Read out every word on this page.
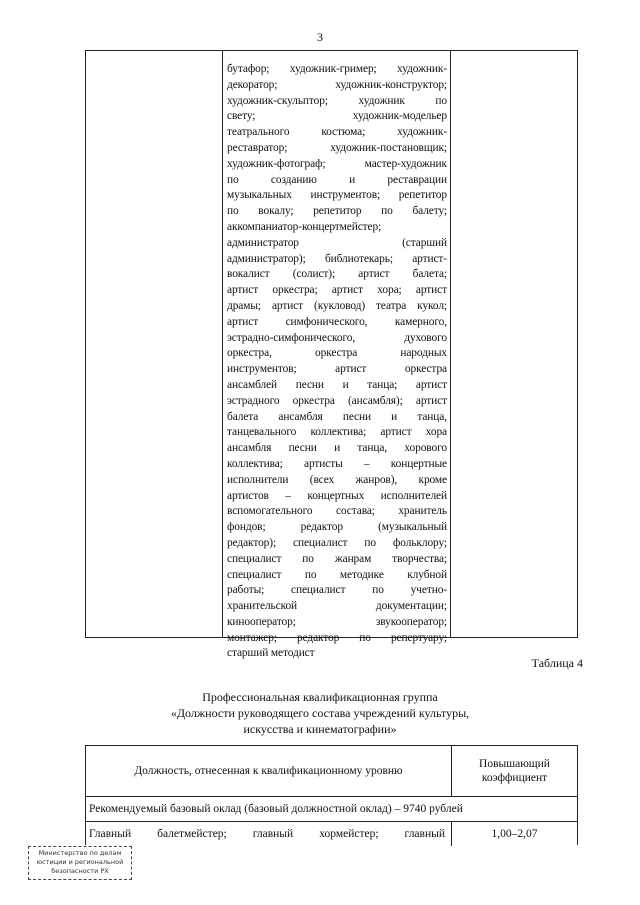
3
бутафор; художник-гример; художник-
декоратор; художник-конструктор;
художник-скульптор; художник по
свету; художник-модельер
театрального костюма; художник-
реставратор; художник-постановщик;
художник-фотограф; мастер-художник
по созданию и реставрации
музыкальных инструментов; репетитор
по вокалу; репетитор по балету;
аккомпаниатор-концертмейстер;
администратор (старший
администратор); библиотекарь; артист-
вокалист (солист); артист балета;
артист оркестра; артист хора; артист
драмы; артист (кукловод) театра кукол;
артист симфонического, камерного,
эстрадно-симфонического, духового
оркестра, оркестра народных
инструментов; артист оркестра
ансамблей песни и танца; артист
эстрадного оркестра (ансамбля); артист
балета ансамбля песни и танца,
танцевального коллектива; артист хора
ансамбля песни и танца, хорового
коллектива; артисты – концертные
исполнители (всех жанров), кроме
артистов – концертных исполнителей
вспомогательного состава; хранитель
фондов; редактор (музыкальный
редактор); специалист по фольклору;
специалист по жанрам творчества;
специалист по методике клубной
работы; специалист по учетно-
хранительской документации;
кинооператор; звукооператор;
монтажер; редактор по репертуару;
старший методист
Таблица 4
Профессиональная квалификационная группа
«Должности руководящего состава учреждений культуры,
искусства и кинематографии»
Должность, отнесенная к квалификационному уровню
Повышающий
коэффициент
Рекомендуемый базовый оклад (базовый должностной оклад) – 9740 рублей
Главный балетмейстер; главный хормейстер; главный	1,00–2,07
Министерство по делам
юстиции и региональной
безопасности РХ
